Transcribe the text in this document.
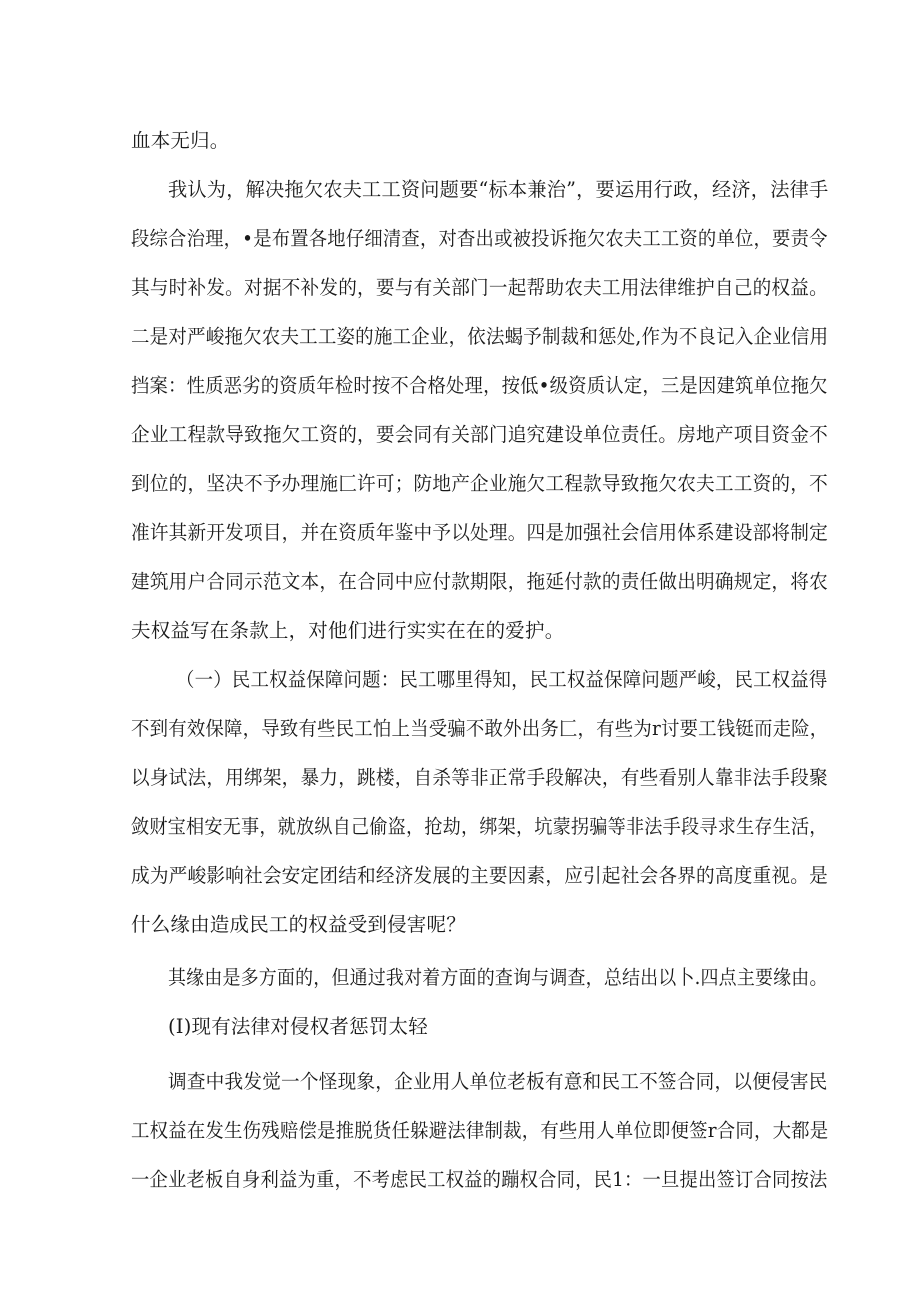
血本无归。
我认为，解决拖欠农夫工工资问题要“标本兼治”，要运用行政，经济，法律手
段综合治理，•是布置各地仔细清查，对杳出或被投诉拖欠农夫工工资的单位，要责令
其与时补发。对据不补发的，要与有关部门一起帮助农夫工用法律维护自己的权益。
二是对严峻拖欠农夫工工姿的施工企业，依法蝎予制裁和惩处,作为不良记入企业信用
挡案：性质恶劣的资质年检时按不合格处理，按低•级资质认定，三是因建筑单位拖欠
企业工程款导致拖欠工资的，要会同有关部门追究建设单位责任。房地产项目资金不
到位的，坚决不予办理施匚许可；防地产企业施欠工程款导致拖欠农夫工工资的，不
准许其新开发项目，并在资质年鉴中予以处理。四是加强社会信用体系建设部将制定
建筑用户合同示范文本，在合同中应付款期限，拖延付款的责任做出明确规定，将农
夫权益写在条款上，对他们进行实实在在的爱护。
（一）民工权益保障问题：民工哪里得知，民工权益保障问题严峻，民工权益得
不到有效保障，导致有些民工怕上当受骗不敢外出务匚，有些为r讨要工钱铤而走险，
以身试法，用绑架，暴力，跳楼，自杀等非正常手段解决，有些看别人靠非法手段聚
敛财宝相安无事，就放纵自己偷盗，抢劫，绑架，坑蒙拐骗等非法手段寻求生存生活，
成为严峻影响社会安定团结和经济发展的主要因素，应引起社会各界的高度重视。是
什么缘由造成民工的权益受到侵害呢？
其缘由是多方面的，但通过我对着方面的查询与调查，总结出以卜.四点主要缘由。
(I)现有法律对侵权者惩罚太轻
调查中我发觉一个怪现象，企业用人单位老板有意和民工不签合同，以便侵害民
工权益在发生伤残赔偿是推脱货任躲避法律制裁，有些用人单位即便签r合同，大都是
一企业老板自身利益为重，不考虑民工权益的蹦权合同，民1：一旦提出签订合同按法
